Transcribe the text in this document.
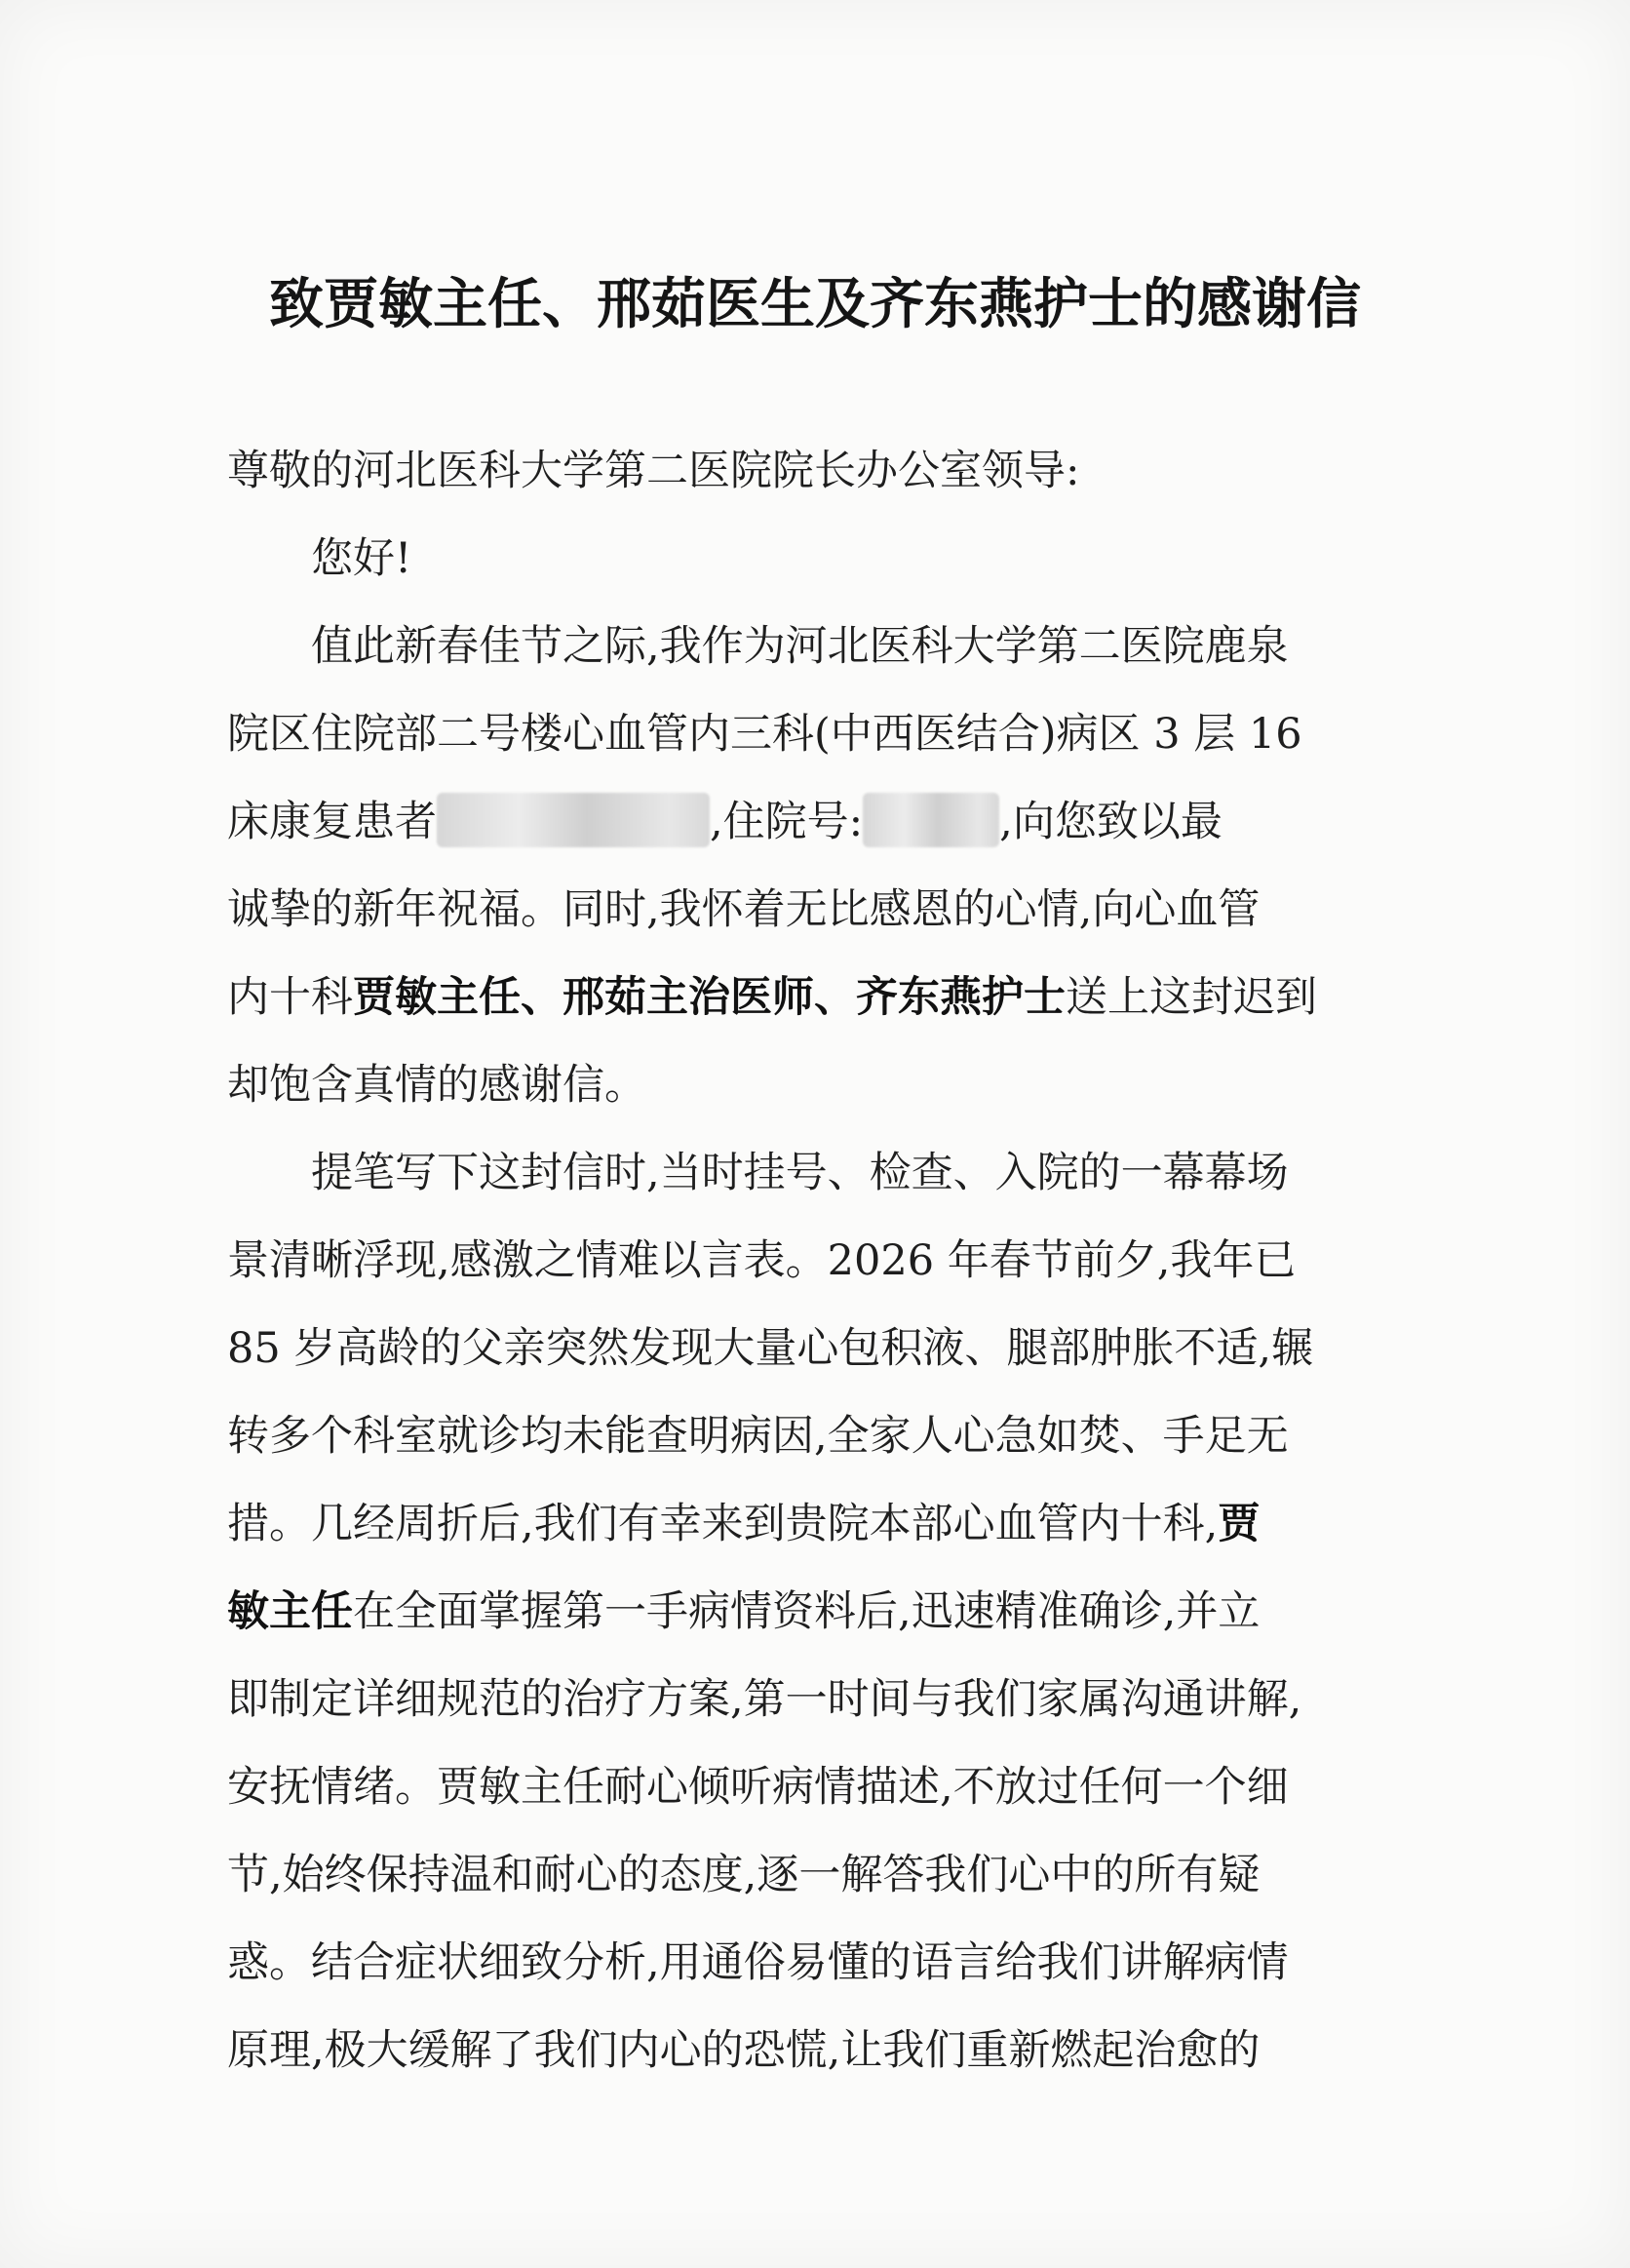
致贾敏主任、邢茹医生及齐东燕护士的感谢信
尊敬的河北医科大学第二医院院长办公室领导:
您好!
值此新春佳节之际,我作为河北医科大学第二医院鹿泉
院区住院部二号楼心血管内三科(中西医结合)病区 3 层 16
床康复患者	,住院号:	,向您致以最
诚挚的新年祝福。同时,我怀着无比感恩的心情,向心血管
内十科贾敏主任、邢茹主治医师、齐东燕护士送上这封迟到
却饱含真情的感谢信。
提笔写下这封信时,当时挂号、检查、入院的一幕幕场
景清晰浮现,感激之情难以言表。2026 年春节前夕,我年已
85 岁高龄的父亲突然发现大量心包积液、腿部肿胀不适,辗
转多个科室就诊均未能查明病因,全家人心急如焚、手足无
措。几经周折后,我们有幸来到贵院本部心血管内十科,贾
敏主任在全面掌握第一手病情资料后,迅速精准确诊,并立
即制定详细规范的治疗方案,第一时间与我们家属沟通讲解,
安抚情绪。贾敏主任耐心倾听病情描述,不放过任何一个细
节,始终保持温和耐心的态度,逐一解答我们心中的所有疑
惑。结合症状细致分析,用通俗易懂的语言给我们讲解病情
原理,极大缓解了我们内心的恐慌,让我们重新燃起治愈的
